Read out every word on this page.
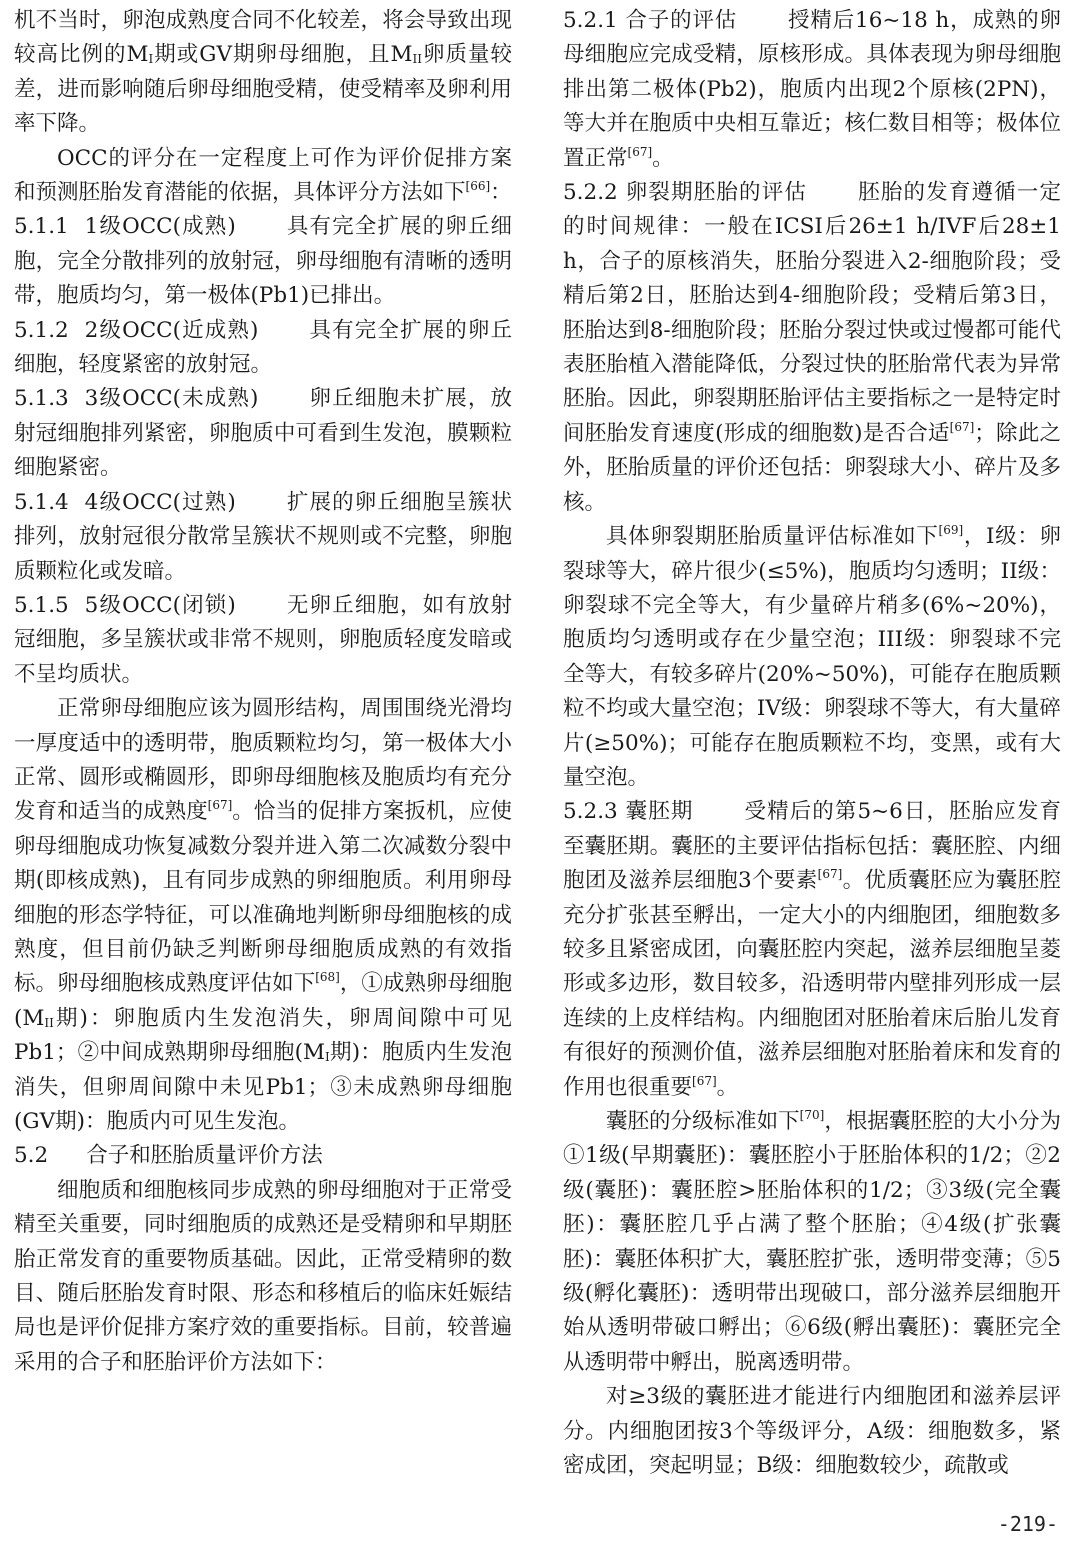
机不当时，卵泡成熟度合同不化较差，将会导致出现较高比例的$M_I$期或GV期卵母细胞，且$M_{II}$卵质量较差，进而影响随后卵母细胞受精，使受精率及卵利用率下降。

OCC的评分在一定程度上可作为评价促排方案和预测胚胎发育潜能的依据，具体评分方法如下[66]：

5.1.1 1级OCC(成熟) 具有完全扩展的卵丘细胞，完全分散排列的放射冠，卵母细胞有清晰的透明带，胞质均匀，第一极体(Pb1)已排出。

5.1.2 2级OCC(近成熟) 具有完全扩展的卵丘细胞，轻度紧密的放射冠。

5.1.3 3级OCC(未成熟) 卵丘细胞未扩展，放射冠细胞排列紧密，卵胞质中可看到生发泡，膜颗粒细胞紧密。

5.1.4 4级OCC(过熟) 扩展的卵丘细胞呈簇状排列，放射冠很分散常呈簇状不规则或不完整，卵胞质颗粒化或发暗。

5.1.5 5级OCC(闭锁) 无卵丘细胞，如有放射冠细胞，多呈簇状或非常不规则，卵胞质轻度发暗或不呈均质状。

正常卵母细胞应该为圆形结构，周围围绕光滑均一厚度适中的透明带，胞质颗粒均匀，第一极体大小正常、圆形或椭圆形，即卵母细胞核及胞质均有充分发育和适当的成熟度[67]。恰当的促排方案扳机，应使卵母细胞成功恢复减数分裂并进入第二次减数分裂中期(即核成熟)，且有同步成熟的卵细胞质。利用卵母细胞的形态学特征，可以准确地判断卵母细胞核的成熟度，但目前仍缺乏判断卵母细胞质成熟的有效指标。卵母细胞核成熟度评估如下[68]，①成熟卵母细胞($M_{II}$期)：卵胞质内生发泡消失，卵周间隙中可见Pb1；②中间成熟期卵母细胞($M_I$期)：胞质内生发泡消失，但卵周间隙中未见Pb1；③未成熟卵母细胞(GV期)：胞质内可见生发泡。

5.2 合子和胚胎质量评价方法

细胞质和细胞核同步成熟的卵母细胞对于正常受精至关重要，同时细胞质的成熟还是受精卵和早期胚胎正常发育的重要物质基础。因此，正常受精卵的数目、随后胚胎发育时限、形态和移植后的临床妊娠结局也是评价促排方案疗效的重要指标。目前，较普遍采用的合子和胚胎评价方法如下：

5.2.1 合子的评估 授精后16~18 h，成熟的卵母细胞应完成受精，原核形成。具体表现为卵母细胞排出第二极体(Pb2)，胞质内出现2个原核(2PN)，等大并在胞质中央相互靠近；核仁数目相等；极体位置正常[67]。

5.2.2 卵裂期胚胎的评估 胚胎的发育遵循一定的时间规律：一般在ICSI后26±1 h/IVF后28±1 h，合子的原核消失，胚胎分裂进入2-细胞阶段；受精后第2日，胚胎达到4-细胞阶段；受精后第3日，胚胎达到8-细胞阶段；胚胎分裂过快或过慢都可能代表胚胎植入潜能降低，分裂过快的胚胎常代表为异常胚胎。因此，卵裂期胚胎评估主要指标之一是特定时间胚胎发育速度(形成的细胞数)是否合适[67]；除此之外，胚胎质量的评价还包括：卵裂球大小、碎片及多核。

具体卵裂期胚胎质量评估标准如下[69]，I级：卵裂球等大，碎片很少(≤5%)，胞质均匀透明；II级：卵裂球不完全等大，有少量碎片稍多(6%~20%)，胞质均匀透明或存在少量空泡；III级：卵裂球不完全等大，有较多碎片(20%~50%)，可能存在胞质颗粒不均或大量空泡；IV级：卵裂球不等大，有大量碎片(≥50%)；可能存在胞质颗粒不均，变黑，或有大量空泡。

5.2.3 囊胚期 受精后的第5~6日，胚胎应发育至囊胚期。囊胚的主要评估指标包括：囊胚腔、内细胞团及滋养层细胞3个要素[67]。优质囊胚应为囊胚腔充分扩张甚至孵出，一定大小的内细胞团，细胞数多较多且紧密成团，向囊胚腔内突起，滋养层细胞呈菱形或多边形，数目较多，沿透明带内壁排列形成一层连续的上皮样结构。内细胞团对胚胎着床后胎儿发育有很好的预测价值，滋养层细胞对胚胎着床和发育的作用也很重要[67]。

囊胚的分级标准如下[70]，根据囊胚腔的大小分为①1级(早期囊胚)：囊胚腔小于胚胎体积的1/2；②2级(囊胚)：囊胚腔>胚胎体积的1/2；③3级(完全囊胚)：囊胚腔几乎占满了整个胚胎；④4级(扩张囊胚)：囊胚体积扩大，囊胚腔扩张，透明带变薄；⑤5级(孵化囊胚)：透明带出现破口，部分滋养层细胞开始从透明带破口孵出；⑥6级(孵出囊胚)：囊胚完全从透明带中孵出，脱离透明带。

对≥3级的囊胚进才能进行内细胞团和滋养层评分。内细胞团按3个等级评分，A级：细胞数多，紧密成团，突起明显；B级：细胞数较少，疏散或

-219-
